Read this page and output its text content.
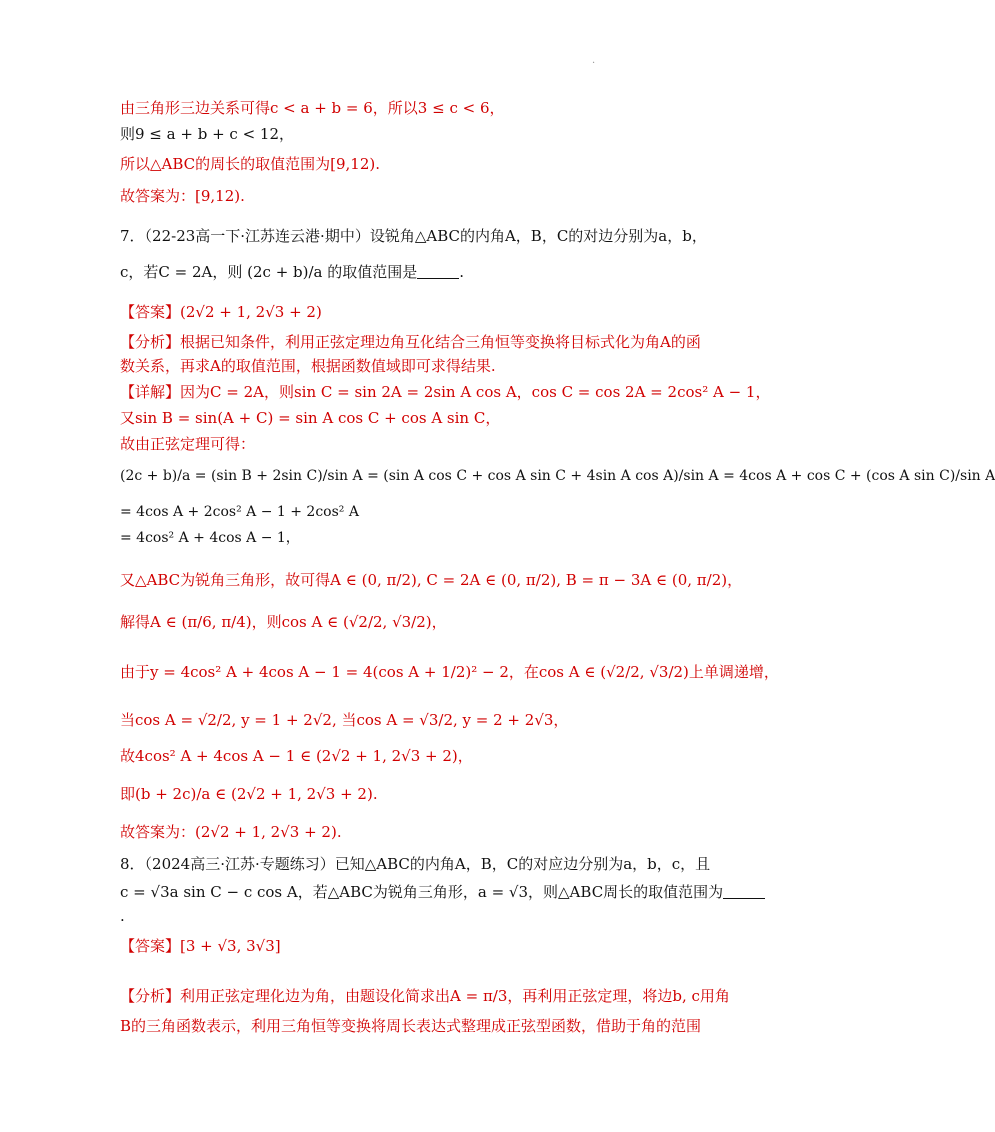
·
由三角形三边关系可得c < a + b = 6，所以3 ≤ c < 6，
则9 ≤ a + b + c < 12，
所以△ABC的周长的取值范围为[9,12).
故答案为：[9,12).
7．（22-23高一下·江苏连云港·期中）设锐角△ABC的内角A，B，C的对边分别为a，b，
c，若C = 2A，则 (2c + b)/a 的取值范围是	.
【答案】(2√2 + 1, 2√3 + 2)
【分析】根据已知条件，利用正弦定理边角互化结合三角恒等变换将目标式化为角A的函
数关系，再求A的取值范围，根据函数值域即可求得结果.
【详解】因为C = 2A，则sin C = sin 2A = 2sin A cos A，cos C = cos 2A = 2cos² A − 1，
又sin B = sin(A + C) = sin A cos C + cos A sin C，
故由正弦定理可得：
(2c + b)/a = (sin B + 2sin C)/sin A = (sin A cos C + cos A sin C + 4sin A cos A)/sin A = 4cos A + cos C + (cos A sin C)/sin A
= 4cos A + 2cos² A − 1 + 2cos² A
= 4cos² A + 4cos A − 1，
又△ABC为锐角三角形，故可得A ∈ (0, π/2), C = 2A ∈ (0, π/2), B = π − 3A ∈ (0, π/2)，
解得A ∈ (π/6, π/4)，则cos A ∈ (√2/2, √3/2)，
由于y = 4cos² A + 4cos A − 1 = 4(cos A + 1/2)² − 2，在cos A ∈ (√2/2, √3/2)上单调递增，
当cos A = √2/2, y = 1 + 2√2, 当cos A = √3/2, y = 2 + 2√3，
故4cos² A + 4cos A − 1 ∈ (2√2 + 1, 2√3 + 2)，
即(b + 2c)/a ∈ (2√2 + 1, 2√3 + 2).
故答案为：(2√2 + 1, 2√3 + 2).
8．（2024高三·江苏·专题练习）已知△ABC的内角A，B，C的对应边分别为a，b，c，且
c = √3a sin C − c cos A，若△ABC为锐角三角形，a = √3，则△ABC周长的取值范围为
.
【答案】[3 + √3, 3√3]
【分析】利用正弦定理化边为角，由题设化简求出A = π/3，再利用正弦定理，将边b, c用角
B的三角函数表示，利用三角恒等变换将周长表达式整理成正弦型函数，借助于角的范围
